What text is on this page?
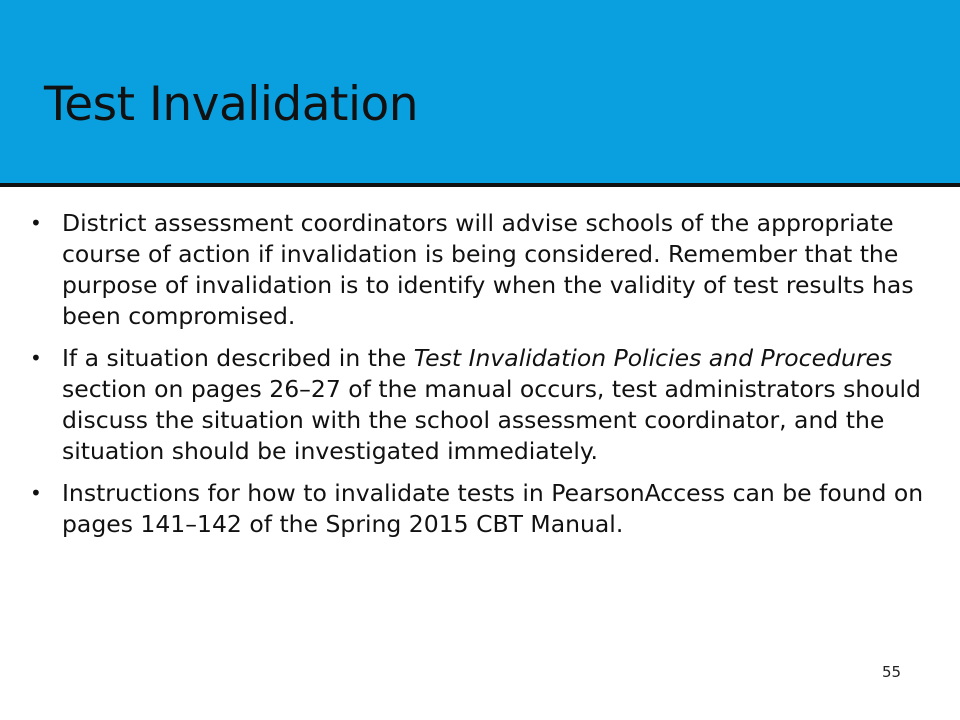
Test Invalidation
• District assessment coordinators will advise schools of the appropriate course of action if invalidation is being considered. Remember that the purpose of invalidation is to identify when the validity of test results has been compromised.
• If a situation described in the Test Invalidation Policies and Procedures section on pages 26–27 of the manual occurs, test administrators should discuss the situation with the school assessment coordinator, and the situation should be investigated immediately.
• Instructions for how to invalidate tests in PearsonAccess can be found on pages 141–142 of the Spring 2015 CBT Manual.
55
